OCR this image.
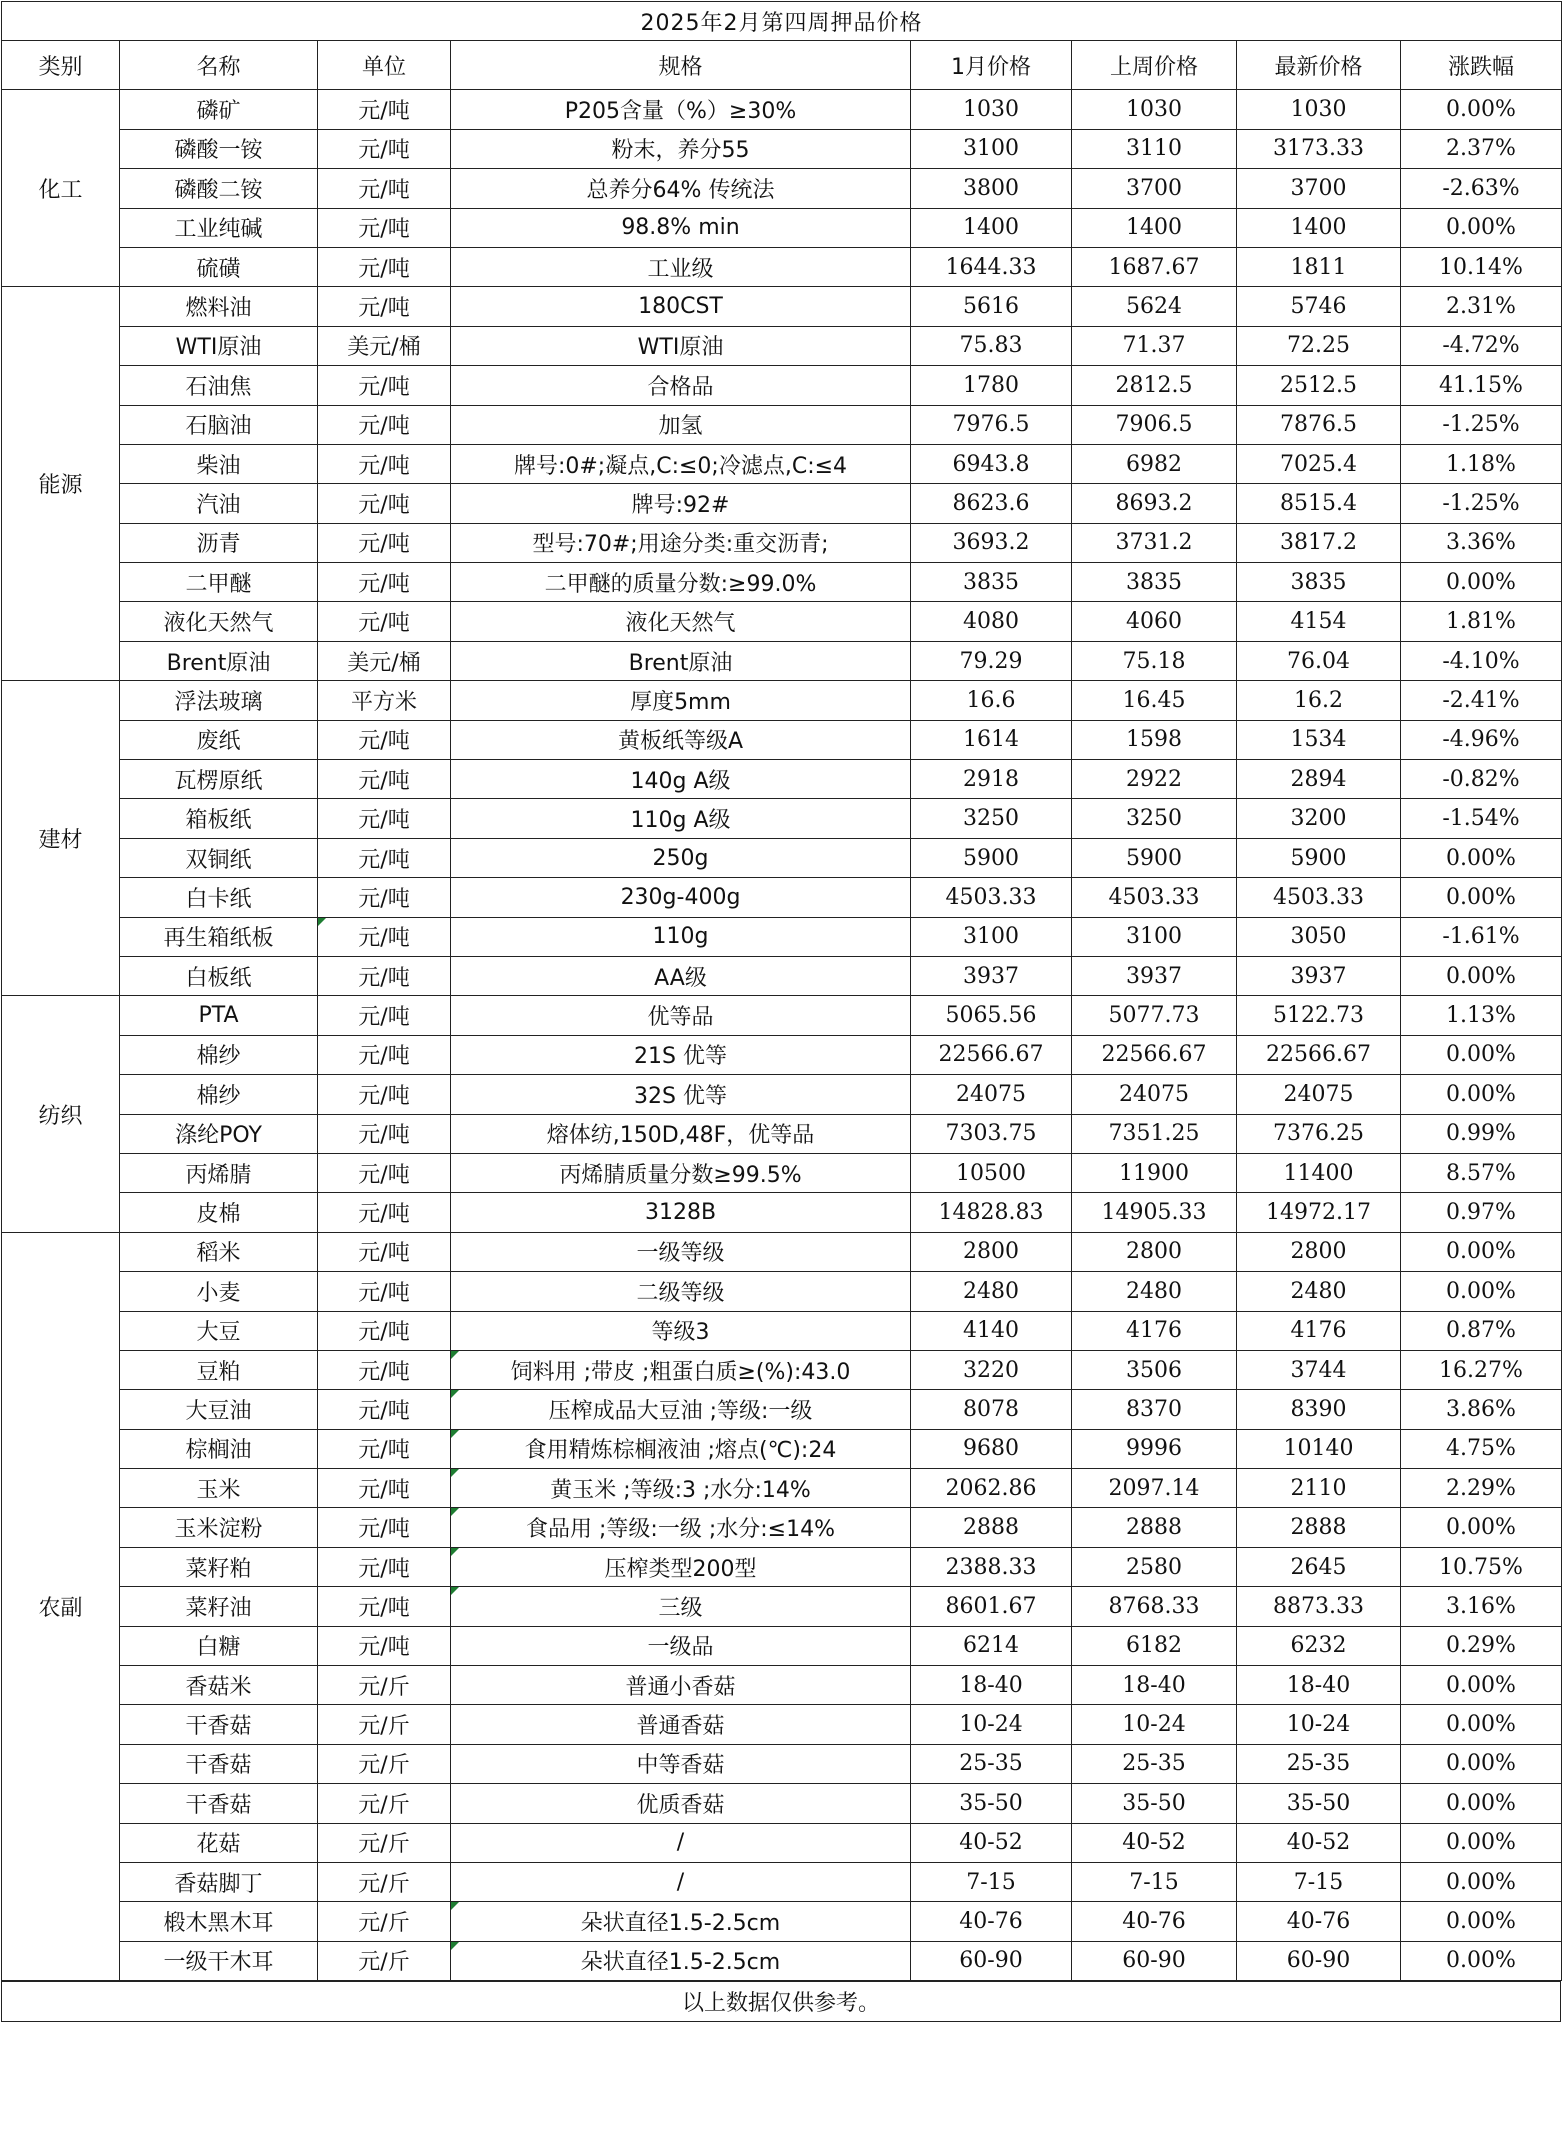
2025年2月第四周押品价格							
类别	名称	单位	规格	1月价格	上周价格	最新价格	涨跌幅
化工	磷矿	元/吨	P205含量（%）≥30%	1030	1030	1030	0.00%
	磷酸一铵	元/吨	粉末，养分55	3100	3110	3173.33	2.37%
	磷酸二铵	元/吨	总养分64% 传统法	3800	3700	3700	-2.63%
	工业纯碱	元/吨	98.8% min	1400	1400	1400	0.00%
	硫磺	元/吨	工业级	1644.33	1687.67	1811	10.14%
能源	燃料油	元/吨	180CST	5616	5624	5746	2.31%
	WTI原油	美元/桶	WTI原油	75.83	71.37	72.25	-4.72%
	石油焦	元/吨	合格品	1780	2812.5	2512.5	41.15%
	石脑油	元/吨	加氢	7976.5	7906.5	7876.5	-1.25%
	柴油	元/吨	牌号:0#;凝点,C:≤0;冷滤点,C:≤4	6943.8	6982	7025.4	1.18%
	汽油	元/吨	牌号:92#	8623.6	8693.2	8515.4	-1.25%
	沥青	元/吨	型号:70#;用途分类:重交沥青;	3693.2	3731.2	3817.2	3.36%
	二甲醚	元/吨	二甲醚的质量分数:≥99.0%	3835	3835	3835	0.00%
	液化天然气	元/吨	液化天然气	4080	4060	4154	1.81%
	Brent原油	美元/桶	Brent原油	79.29	75.18	76.04	-4.10%
建材	浮法玻璃	平方米	厚度5mm	16.6	16.45	16.2	-2.41%
	废纸	元/吨	黄板纸等级A	1614	1598	1534	-4.96%
	瓦楞原纸	元/吨	140g A级	2918	2922	2894	-0.82%
	箱板纸	元/吨	110g A级	3250	3250	3200	-1.54%
	双铜纸	元/吨	250g	5900	5900	5900	0.00%
	白卡纸	元/吨	230g-400g	4503.33	4503.33	4503.33	0.00%
	再生箱纸板	元/吨	110g	3100	3100	3050	-1.61%
	白板纸	元/吨	AA级	3937	3937	3937	0.00%
纺织	PTA	元/吨	优等品	5065.56	5077.73	5122.73	1.13%
	棉纱	元/吨	21S 优等	22566.67	22566.67	22566.67	0.00%
	棉纱	元/吨	32S 优等	24075	24075	24075	0.00%
	涤纶POY	元/吨	熔体纺,150D,48F，优等品	7303.75	7351.25	7376.25	0.99%
	丙烯腈	元/吨	丙烯腈质量分数≥99.5%	10500	11900	11400	8.57%
	皮棉	元/吨	3128B	14828.83	14905.33	14972.17	0.97%
农副	稻米	元/吨	一级等级	2800	2800	2800	0.00%
	小麦	元/吨	二级等级	2480	2480	2480	0.00%
	大豆	元/吨	等级3	4140	4176	4176	0.87%
	豆粕	元/吨	饲料用 ;带皮 ;粗蛋白质≥(%):43.0	3220	3506	3744	16.27%
	大豆油	元/吨	压榨成品大豆油 ;等级:一级	8078	8370	8390	3.86%
	棕榈油	元/吨	食用精炼棕榈液油 ;熔点(℃):24	9680	9996	10140	4.75%
	玉米	元/吨	黄玉米 ;等级:3 ;水分:14%	2062.86	2097.14	2110	2.29%
	玉米淀粉	元/吨	食品用 ;等级:一级 ;水分:≤14%	2888	2888	2888	0.00%
	菜籽粕	元/吨	压榨类型200型	2388.33	2580	2645	10.75%
	菜籽油	元/吨	三级	8601.67	8768.33	8873.33	3.16%
	白糖	元/吨	一级品	6214	6182	6232	0.29%
	香菇米	元/斤	普通小香菇	18-40	18-40	18-40	0.00%
	干香菇	元/斤	普通香菇	10-24	10-24	10-24	0.00%
	干香菇	元/斤	中等香菇	25-35	25-35	25-35	0.00%
	干香菇	元/斤	优质香菇	35-50	35-50	35-50	0.00%
	花菇	元/斤	/	40-52	40-52	40-52	0.00%
	香菇脚丁	元/斤	/	7-15	7-15	7-15	0.00%
	椴木黑木耳	元/斤	朵状直径1.5-2.5cm	40-76	40-76	40-76	0.00%
	一级干木耳	元/斤	朵状直径1.5-2.5cm	60-90	60-90	60-90	0.00%
以上数据仅供参考。
